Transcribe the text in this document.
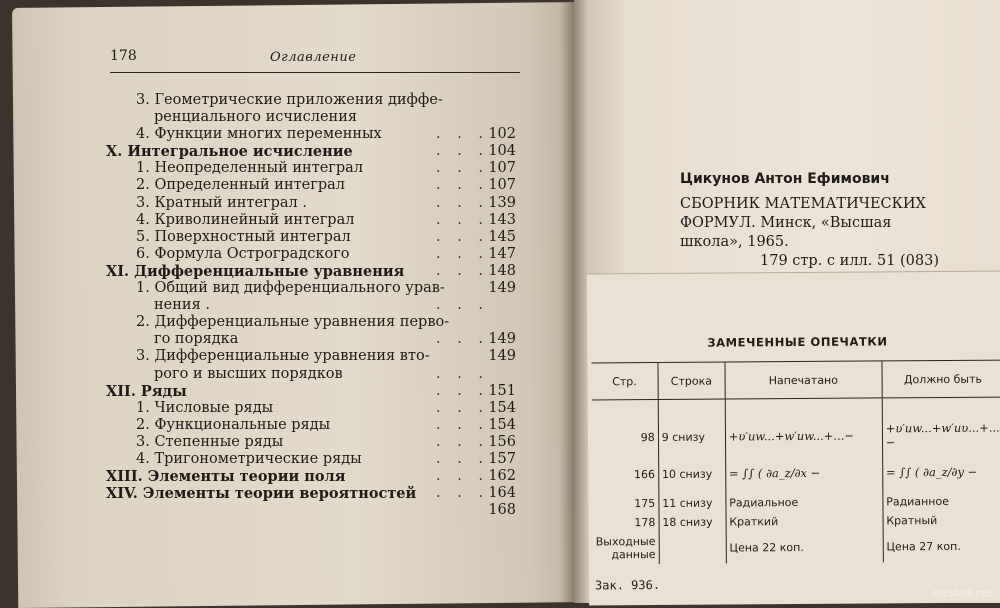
178	Оглавление
3. Геометрические приложения диффе-
ренциального исчисления
4. Функции многих переменных	. . . 102
X. Интегральное исчисление	. . . 104
1. Неопределенный интеграл	. . . 107
2. Определенный интеграл	. . . 107
3. Кратный интеграл .	. . . 139
4. Криволинейный интеграл	. . . 143
5. Поверхностный интеграл	. . . 145
6. Формула Остроградского	. . . 147
XI. Дифференциальные уравнения . . . 148
1. Общий вид дифференциального урав-	149
нения .	. . .
2. Дифференциальные уравнения перво-
го порядка	. . . 149
3. Дифференциальные уравнения вто-	149
рого и высших порядков	. . .
XII. Ряды	. . . 151
1. Числовые ряды	. . . 154
2. Функциональные ряды	. . . 154
3. Степенные ряды	. . . 156
4. Тригонометрические ряды	. . . 157
XIII. Элементы теории поля	. . . 162
XIV. Элементы теории вероятностей . . . 164
168
Цикунов Антон Ефимович
СБОРНИК МАТЕМАТИЧЕСКИХ
ФОРМУЛ. Минск, «Высшая
школа», 1965.
179 стр. с илл. 51 (083)
ЗАМЕЧЕННЫЕ ОПЕЧАТКИ
Стр.	Строка	Напечатано	Должно быть

98	9 снизу	+υ′uw...+w′uw...+...−	+υ′uw...+w′uυ...+...−
166	10 снизу	= ∫∫ ( ∂a_z/∂x −	= ∫∫ ( ∂a_z/∂y −
175	11 снизу	Радиальное	Радианное
178	18 снизу	Краткий	Кратный
Выходные данные		Цена 22 коп.	Цена 27 коп.
Зак. 936.
meshok.net
